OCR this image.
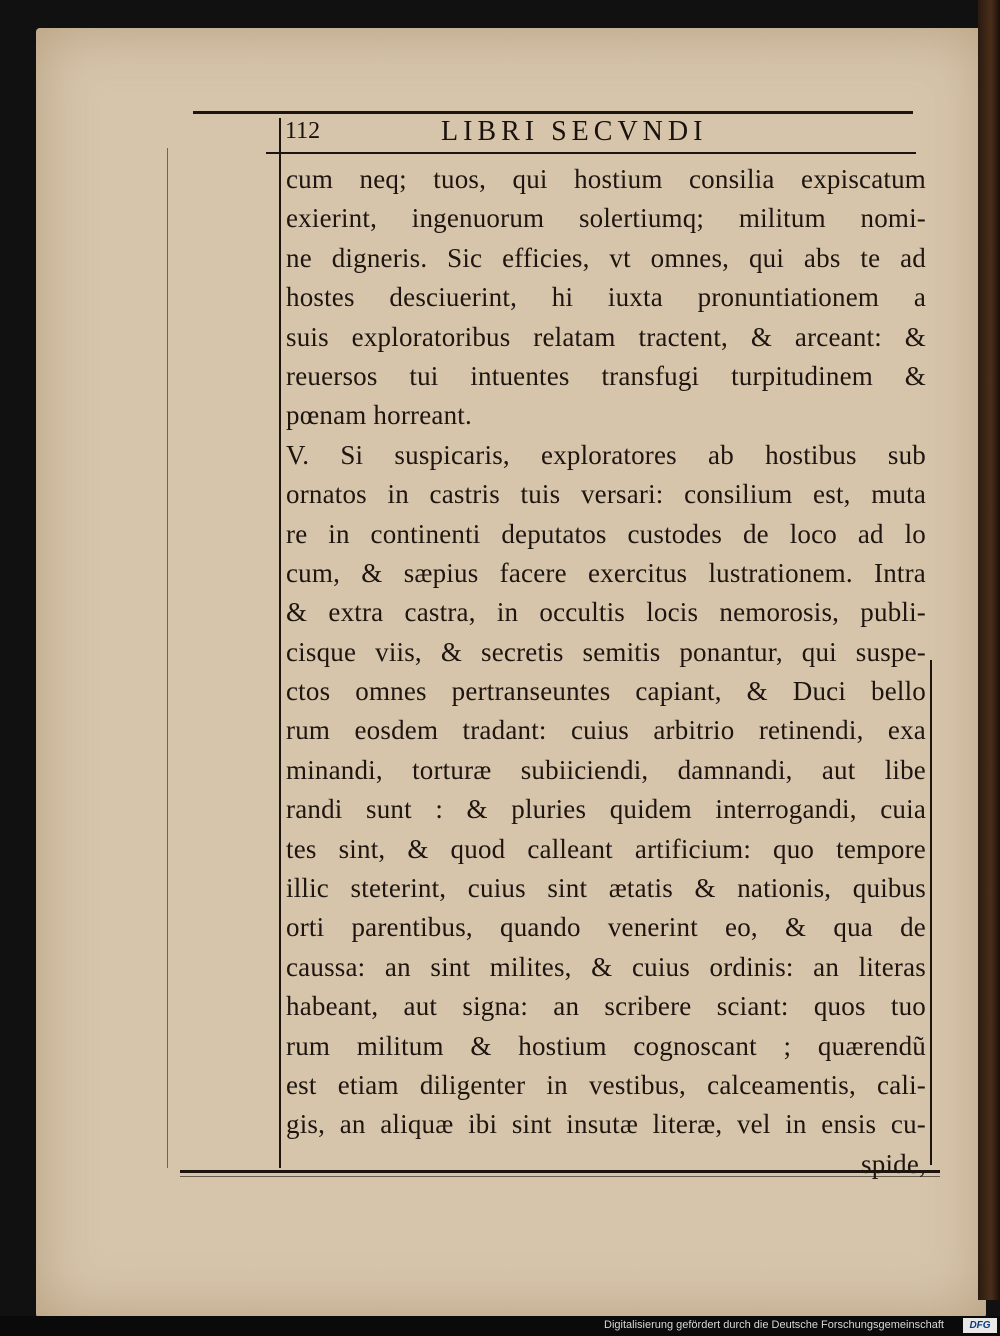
112	LIBRI SECVNDI
cum neq; tuos, qui hostium consilia expiscatum
exierint, ingenuorum solertiumq; militum nomi-
ne digneris. Sic efficies, vt omnes, qui abs te ad
hostes desciuerint, hi iuxta pronuntiationem a
suis exploratoribus relatam tractent, & arceant: &
reuersos tui intuentes transfugi turpitudinem &
pœnam horreant.
V. Si suspicaris, exploratores ab hostibus sub
ornatos in castris tuis versari: consilium est, muta
re in continenti deputatos custodes de loco ad lo
cum, & sæpius facere exercitus lustrationem. Intra
& extra castra, in occultis locis nemorosis, publi-
cisque viis, & secretis semitis ponantur, qui suspe-
ctos omnes pertranseuntes capiant, & Duci bello
rum eosdem tradant: cuius arbitrio retinendi, exa
minandi, torturæ subiiciendi, damnandi, aut libe
randi sunt : & pluries quidem interrogandi, cuia
tes sint, & quod calleant artificium: quo tempore
illic steterint, cuius sint ætatis & nationis, quibus
orti parentibus, quando venerint eo, & qua de
caussa: an sint milites, & cuius ordinis: an literas
habeant, aut signa: an scribere sciant: quos tuo
rum militum & hostium cognoscant ; quærendũ
est etiam diligenter in vestibus, calceamentis, cali-
gis, an aliquæ ibi sint insutæ literæ, vel in ensis cu-
spide,
Digitalisierung gefördert durch die Deutsche Forschungsgemeinschaft	DFG
